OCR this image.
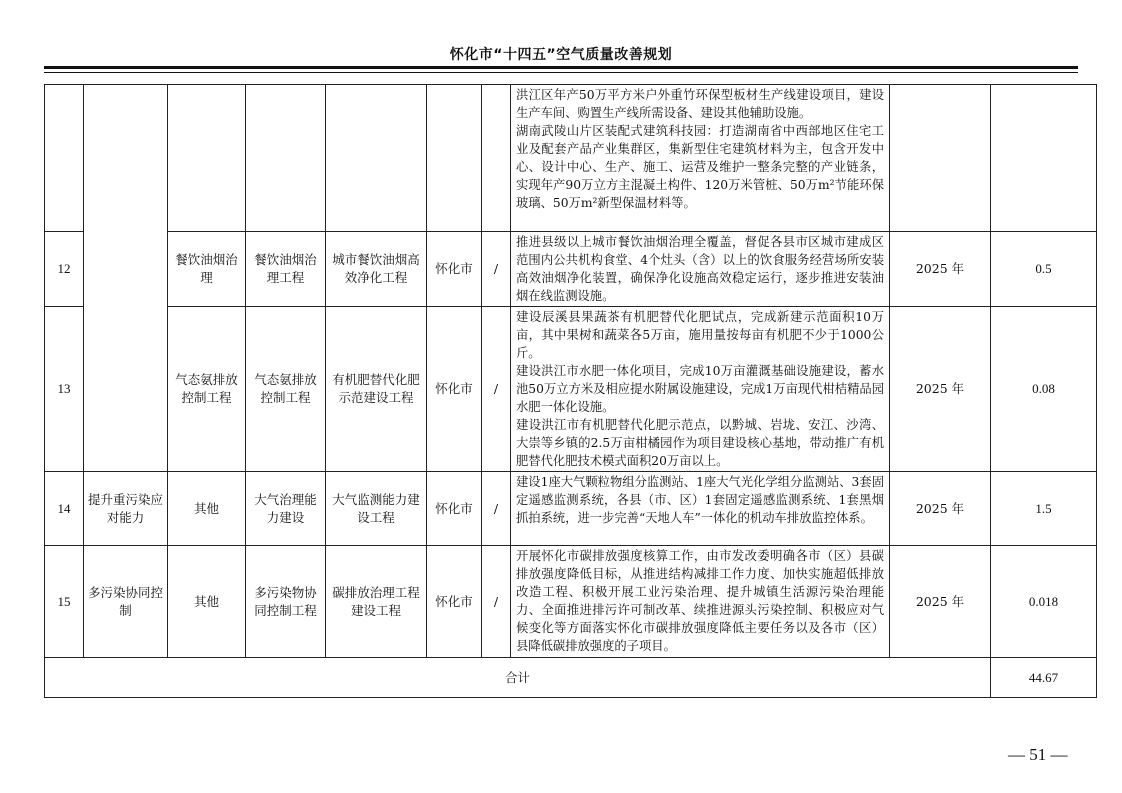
怀化市“十四五”空气质量改善规划

							洪江区年产50万平方米户外重竹环保型板材生产线建设项目，建设生产车间、购置生产线所需设备、建设其他辅助设施。

湖南武陵山片区装配式建筑科技园：打造湖南省中西部地区住宅工业及配套产品产业集群区，集新型住宅建筑材料为主，包含开发中心、设计中心、生产、施工、运营及维护一整条完整的产业链条，实现年产90万立方主混凝土构件、120万米管桩、50万m²节能环保玻璃、50万m²新型保温材料等。		

12		餐饮油烟治理	餐饮油烟治理工程	城市餐饮油烟高效净化工程	怀化市	/	推进县级以上城市餐饮油烟治理全覆盖，督促各县市区城市建成区范围内公共机构食堂、4个灶头（含）以上的饮食服务经营场所安装高效油烟净化装置，确保净化设施高效稳定运行，逐步推进安装油烟在线监测设施。	2025 年	0.5
13		气态氨排放控制工程	气态氨排放控制工程	有机肥替代化肥示范建设工程	怀化市	/	建设辰溪县果蔬茶有机肥替代化肥试点，完成新建示范面积10万亩，其中果树和蔬菜各5万亩，施用量按每亩有机肥不少于1000公斤。

建设洪江市水肥一体化项目，完成10万亩灌溉基础设施建设，蓄水池50万立方米及相应提水附属设施建设，完成1万亩现代柑桔精品园水肥一体化设施。

建设洪江市有机肥替代化肥示范点，以黔城、岩垅、安江、沙湾、大崇等乡镇的2.5万亩柑橘园作为项目建设核心基地，带动推广有机肥替代化肥技术模式面积20万亩以上。	2025 年	0.08
14	提升重污染应对能力	其他	大气治理能力建设	大气监测能力建设工程	怀化市	/	建设1座大气颗粒物组分监测站、1座大气光化学组分监测站、3套固定遥感监测系统，各县（市、区）1套固定遥感监测系统、1套黑烟抓拍系统，进一步完善“天地人车”一体化的机动车排放监控体系。	2025 年	1.5
15	多污染协同控制	其他	多污染物协同控制工程	碳排放治理工程建设工程	怀化市	/	开展怀化市碳排放强度核算工作，由市发改委明确各市（区）县碳排放强度降低目标，从推进结构减排工作力度、加快实施超低排放改造工程、积极开展工业污染治理、提升城镇生活源污染治理能力、全面推进排污许可制改革、续推进源头污染控制、积极应对气候变化等方面落实怀化市碳排放强度降低主要任务以及各市（区）县降低碳排放强度的子项目。	2025 年	0.018
合计									44.67
— 51 —
